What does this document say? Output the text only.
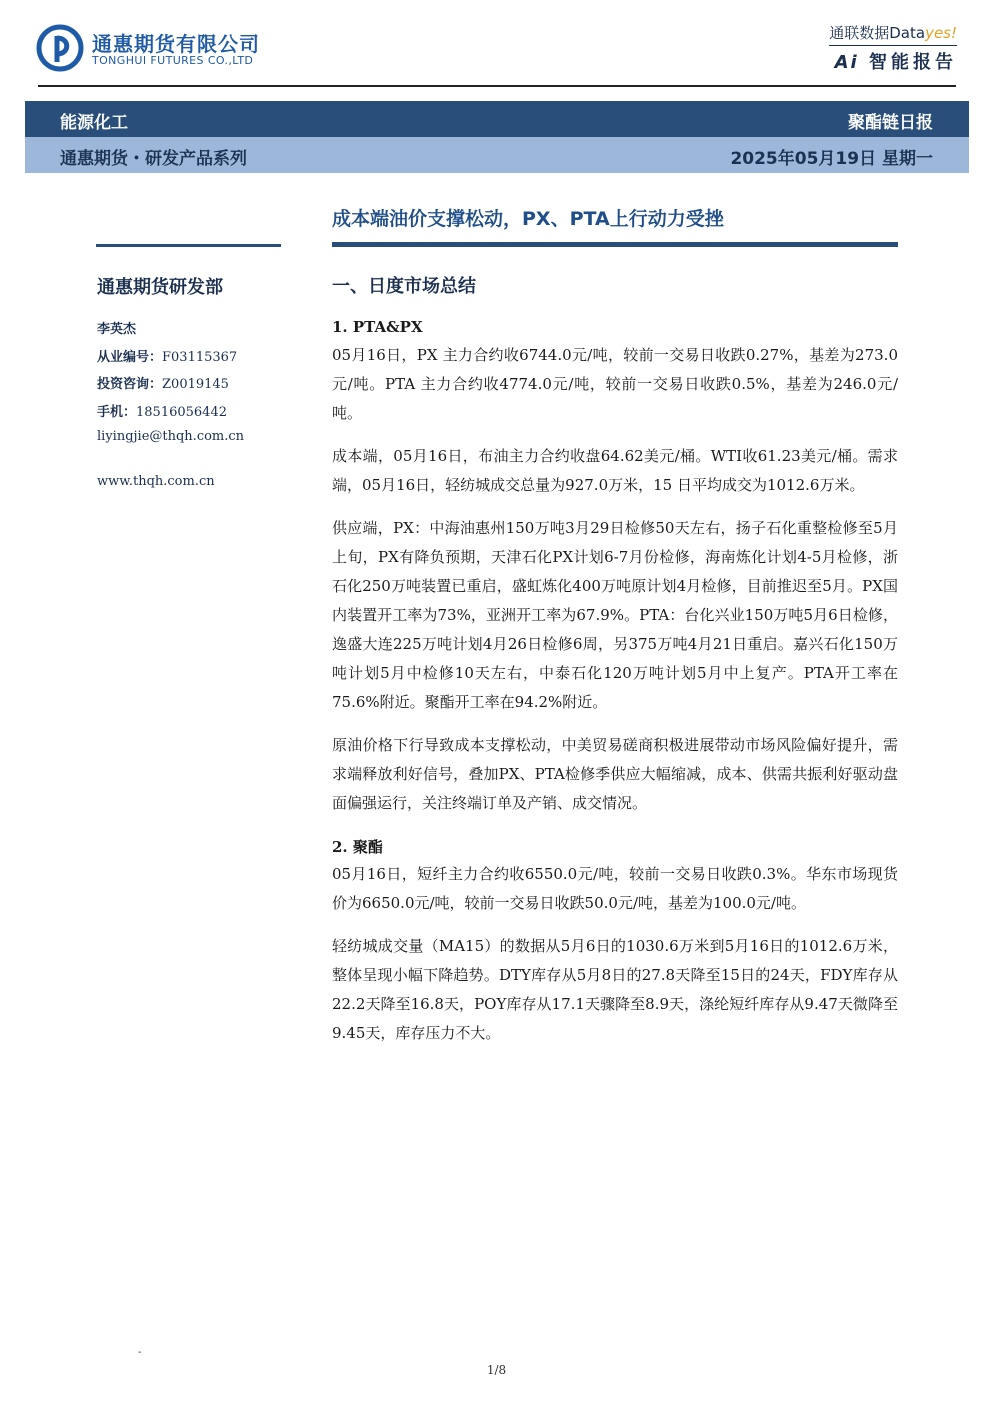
通惠期货有限公司
TONGHUI FUTURES CO.,LTD
通联数据Datayes!
Ai 智能报告
能源化工	聚酯链日报
通惠期货・研发产品系列	2025年05月19日 星期一
成本端油价支撑松动，PX、PTA上行动力受挫
通惠期货研发部
李英杰
从业编号：F03115367
投资咨询：Z0019145
手机：18516056442
liyingjie@thqh.com.cn
www.thqh.com.cn
一、日度市场总结
1. PTA&PX
05月16日，PX 主力合约收6744.0元/吨，较前一交易日收跌0.27%，基差为273.0元/吨。PTA 主力合约收4774.0元/吨，较前一交易日收跌0.5%，基差为246.0元/吨。
成本端，05月16日，布油主力合约收盘64.62美元/桶。WTI收61.23美元/桶。需求端，05月16日，轻纺城成交总量为927.0万米，15 日平均成交为1012.6万米。
供应端，PX：中海油惠州150万吨3月29日检修50天左右，扬子石化重整检修至5月上旬，PX有降负预期，天津石化PX计划6-7月份检修，海南炼化计划4-5月检修，浙石化250万吨装置已重启，盛虹炼化400万吨原计划4月检修，目前推迟至5月。PX国内装置开工率为73%，亚洲开工率为67.9%。PTA：台化兴业150万吨5月6日检修，逸盛大连225万吨计划4月26日检修6周，另375万吨4月21日重启。嘉兴石化150万吨计划5月中检修10天左右，中泰石化120万吨计划5月中上复产。PTA开工率在75.6%附近。聚酯开工率在94.2%附近。
原油价格下行导致成本支撑松动，中美贸易磋商积极进展带动市场风险偏好提升，需求端释放利好信号，叠加PX、PTA检修季供应大幅缩减，成本、供需共振利好驱动盘面偏强运行，关注终端订单及产销、成交情况。
2. 聚酯
05月16日，短纤主力合约收6550.0元/吨，较前一交易日收跌0.3%。华东市场现货价为6650.0元/吨，较前一交易日收跌50.0元/吨，基差为100.0元/吨。
轻纺城成交量（MA15）的数据从5月6日的1030.6万米到5月16日的1012.6万米，整体呈现小幅下降趋势。DTY库存从5月8日的27.8天降至15日的24天，FDY库存从22.2天降至16.8天，POY库存从17.1天骤降至8.9天，涤纶短纤库存从9.47天微降至9.45天，库存压力不大。
-
1/8
